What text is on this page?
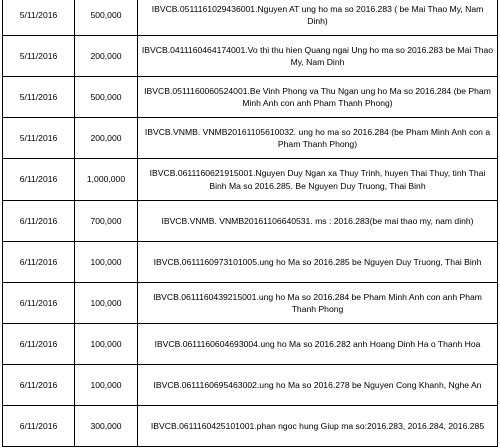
5/11/2016	500,000	IBVCB.0511161029436001.Nguyen AT ung ho ma so 2016.283 ( be Mai Thao My, Nam Dinh)
5/11/2016	200,000	IBVCB.0411160464174001.Vo thi thu hien Quang ngai Ung ho ma so 2016.283 be Mai Thao My, Nam Dinh
5/11/2016	500,000	IBVCB.0511160060524001.Be Vinh Phong va Thu Ngan ung ho Ma so 2016.284 (be Pham Minh Anh con anh Pham Thanh Phong)
5/11/2016	200,000	IBVCB.VNMB. VNMB20161105610032. ung ho ma so 2016.284 (be Pham Minh Anh con a Pham Thanh Phong)
6/11/2016	1,000,000	IBVCB.0611160621915001.Nguyen Duy Ngan xa Thuy Trinh, huyen Thai Thuy, tinh Thai Binh Ma so 2016.285. Be Nguyen Duy Truong, Thai Binh
6/11/2016	700,000	IBVCB.VNMB. VNMB20161106640531. ms : 2016.283(be mai thao my, nam dinh)
6/11/2016	100,000	IBVCB.0611160973101005.ung ho Ma so 2016.285 be Nguyen Duy Truong, Thai Binh
6/11/2016	100,000	IBVCB.0611160439215001.ung ho Ma so 2016.284 be Pham Minh Anh con anh Pham Thanh Phong
6/11/2016	100,000	IBVCB.0611160604693004.ung ho Ma so 2016.282 anh Hoang Dinh Ha o Thanh Hoa
6/11/2016	100,000	IBVCB.0611160695463002.ung ho Ma so 2016.278 be Nguyen Cong Khanh, Nghe An
6/11/2016	300,000	IBVCB.0611160425101001.phan ngoc hung Giup ma so:2016.283, 2016.284, 2016.285
